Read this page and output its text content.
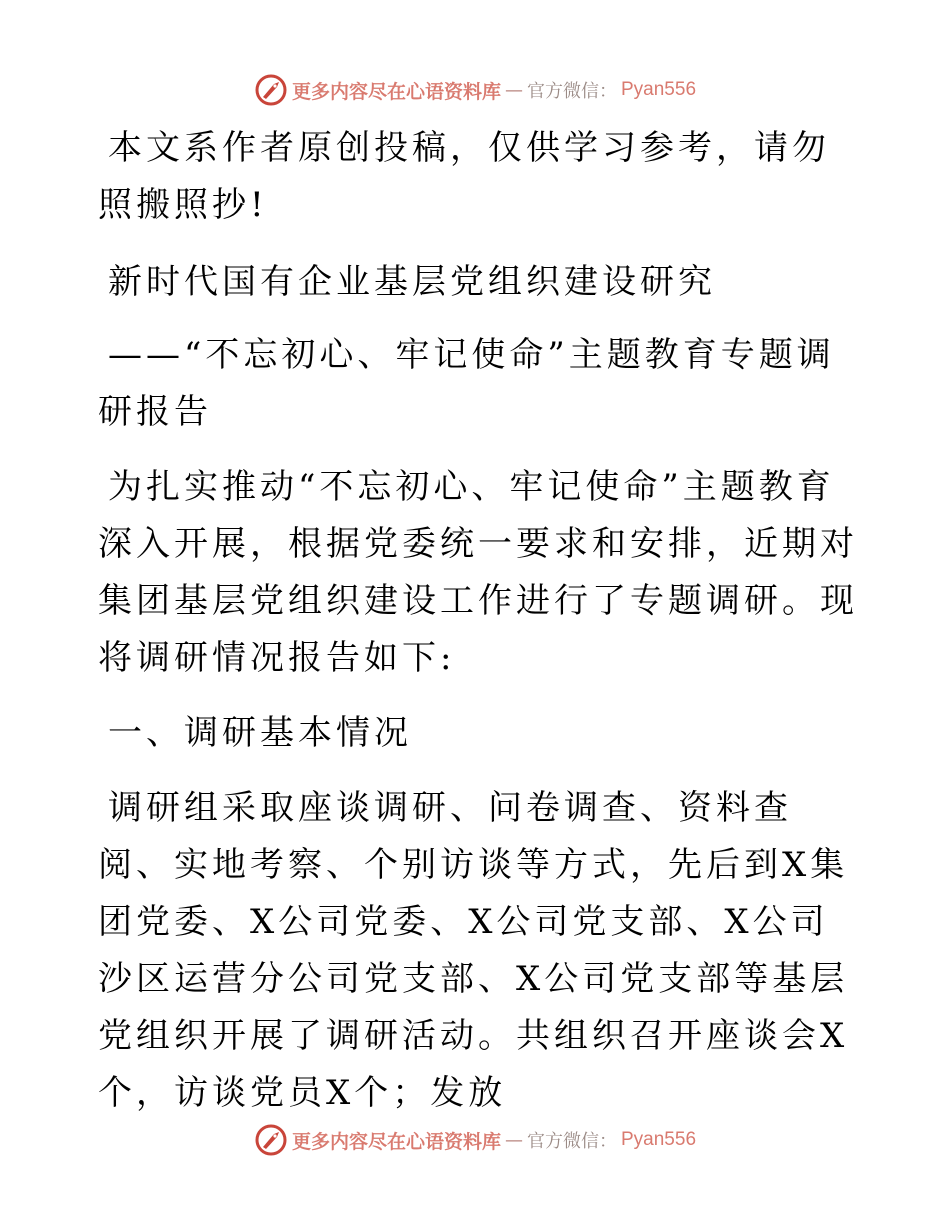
更多内容尽在心语资料库 — 官方微信： Pyan556

本文系作者原创投稿，仅供学习参考，请勿照搬照抄!

新时代国有企业基层党组织建设研究

——“不忘初心、牢记使命”主题教育专题调研报告

为扎实推动“不忘初心、牢记使命”主题教育深入开展，根据党委统一要求和安排，近期对集团基层党组织建设工作进行了专题调研。现将调研情况报告如下:

一、调研基本情况

调研组采取座谈调研、问卷调查、资料查阅、实地考察、个别访谈等方式，先后到X集团党委、X公司党委、X公司党支部、X公司沙区运营分公司党支部、X公司党支部等基层党组织开展了调研活动。共组织召开座谈会X个，访谈党员X个；发放

更多内容尽在心语资料库 — 官方微信： Pyan556
